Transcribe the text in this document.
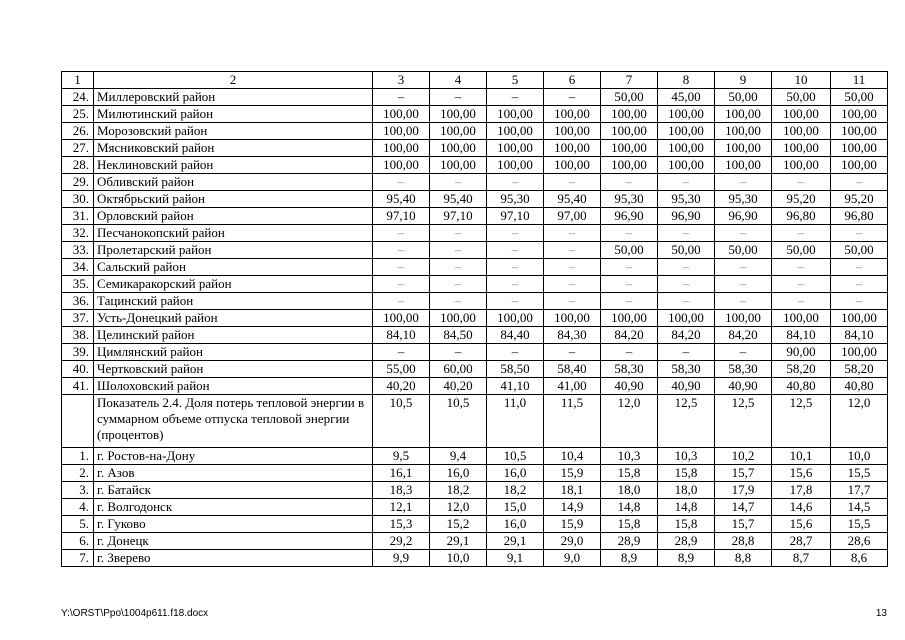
1	2	3	4	5	6	7	8	9	10	11
24.	Миллеровский район	–	–	–	–	50,00	45,00	50,00	50,00	50,00
25.	Милютинский район	100,00	100,00	100,00	100,00	100,00	100,00	100,00	100,00	100,00
26.	Морозовский район	100,00	100,00	100,00	100,00	100,00	100,00	100,00	100,00	100,00
27.	Мясниковский район	100,00	100,00	100,00	100,00	100,00	100,00	100,00	100,00	100,00
28.	Неклиновский район	100,00	100,00	100,00	100,00	100,00	100,00	100,00	100,00	100,00
29.	Обливский район	–	–	–	–	–	–	–	–	–
30.	Октябрьский район	95,40	95,40	95,30	95,40	95,30	95,30	95,30	95,20	95,20
31.	Орловский район	97,10	97,10	97,10	97,00	96,90	96,90	96,90	96,80	96,80
32.	Песчанокопский район	–	–	–	–	–	–	–	–	–
33.	Пролетарский район	–	–	–	–	50,00	50,00	50,00	50,00	50,00
34.	Сальский район	–	–	–	–	–	–	–	–	–
35.	Семикаракорский район	–	–	–	–	–	–	–	–	–
36.	Тацинский район	–	–	–	–	–	–	–	–	–
37.	Усть-Донецкий район	100,00	100,00	100,00	100,00	100,00	100,00	100,00	100,00	100,00
38.	Целинский район	84,10	84,50	84,40	84,30	84,20	84,20	84,20	84,10	84,10
39.	Цимлянский район	–	–	–	–	–	–	–	90,00	100,00
40.	Чертковский район	55,00	60,00	58,50	58,40	58,30	58,30	58,30	58,20	58,20
41.	Шолоховский район	40,20	40,20	41,10	41,00	40,90	40,90	40,90	40,80	40,80
	Показатель 2.4. Доля потерь тепловой энергии в суммарном объеме отпуска тепловой энергии (процентов)	10,5	10,5	11,0	11,5	12,0	12,5	12,5	12,5	12,0
1.	г. Ростов-на-Дону	9,5	9,4	10,5	10,4	10,3	10,3	10,2	10,1	10,0
2.	г. Азов	16,1	16,0	16,0	15,9	15,8	15,8	15,7	15,6	15,5
3.	г. Батайск	18,3	18,2	18,2	18,1	18,0	18,0	17,9	17,8	17,7
4.	г. Волгодонск	12,1	12,0	15,0	14,9	14,8	14,8	14,7	14,6	14,5
5.	г. Гуково	15,3	15,2	16,0	15,9	15,8	15,8	15,7	15,6	15,5
6.	г. Донецк	29,2	29,1	29,1	29,0	28,9	28,9	28,8	28,7	28,6
7.	г. Зверево	9,9	10,0	9,1	9,0	8,9	8,9	8,8	8,7	8,6
Y:\ORST\Ppo\1004p611.f18.docx	13
